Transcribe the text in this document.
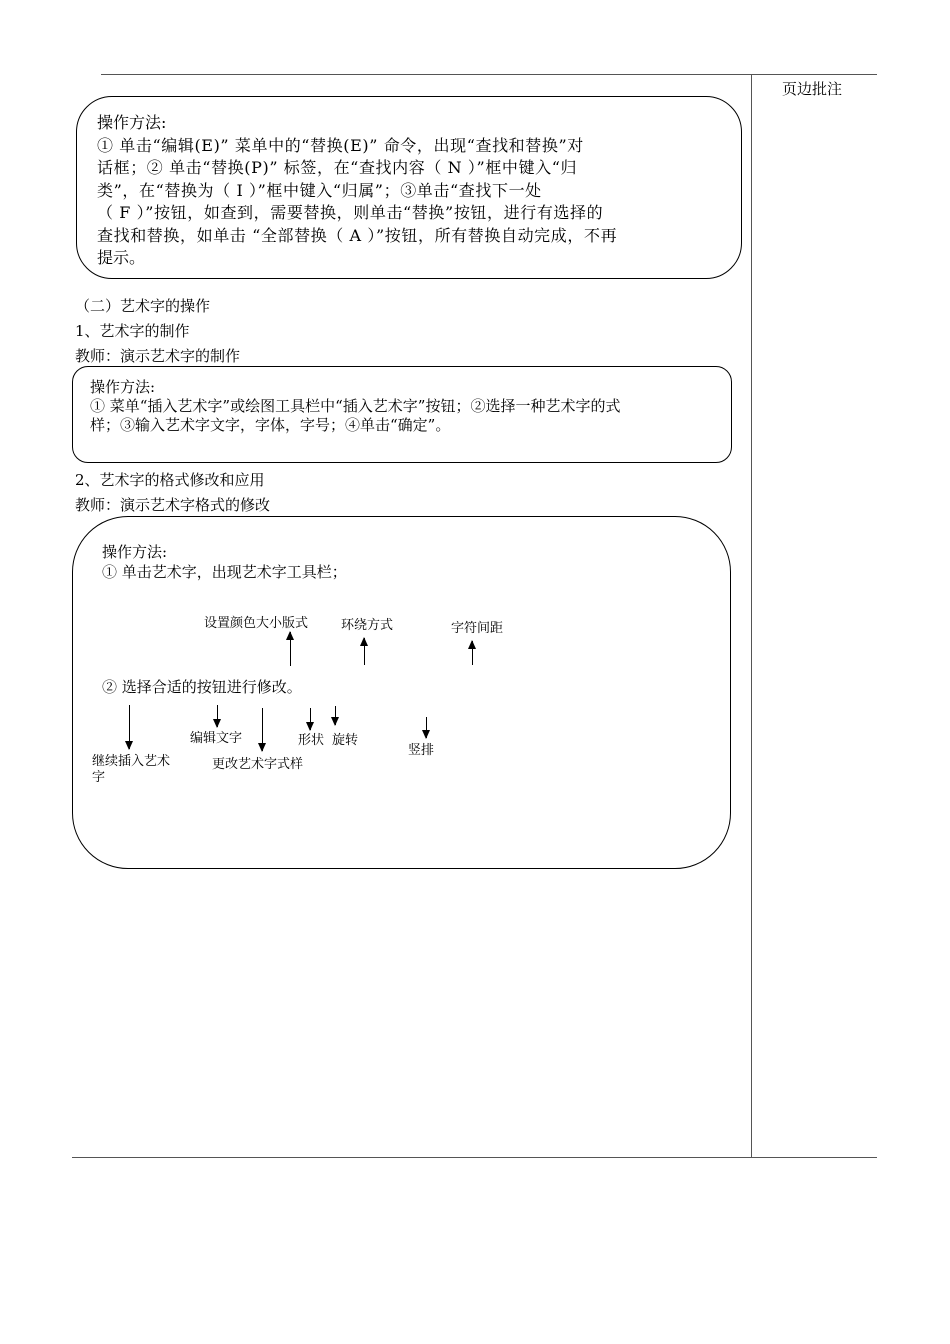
页边批注
操作方法:
① 单击“编辑(E)” 菜单中的“替换(E)” 命令，出现“查找和替换”对
话框；② 单击“替换(P)” 标签，在“查找内容（ N ）”框中键入“归
类”，在“替换为（ I ）”框中键入“归属”；③单击“查找下一处
（ F ）”按钮，如查到，需要替换，则单击“替换”按钮，进行有选择的
查找和替换，如单击 “全部替换（ A ）”按钮，所有替换自动完成，不再
提示。
（二）艺术字的操作
1、艺术字的制作
教师：演示艺术字的制作
操作方法:
① 菜单“插入艺术字”或绘图工具栏中“插入艺术字”按钮；②选择一种艺术字的式
样；③输入艺术字文字，字体，字号；④单击“确定”。
2、艺术字的格式修改和应用
教师：演示艺术字格式的修改
操作方法:
① 单击艺术字，出现艺术字工具栏；
设置颜色大小版式	环绕方式	字符间距
② 选择合适的按钮进行修改。
编辑文字	形状 旋转
竖排
继续插入艺术
字
更改艺术字式样
